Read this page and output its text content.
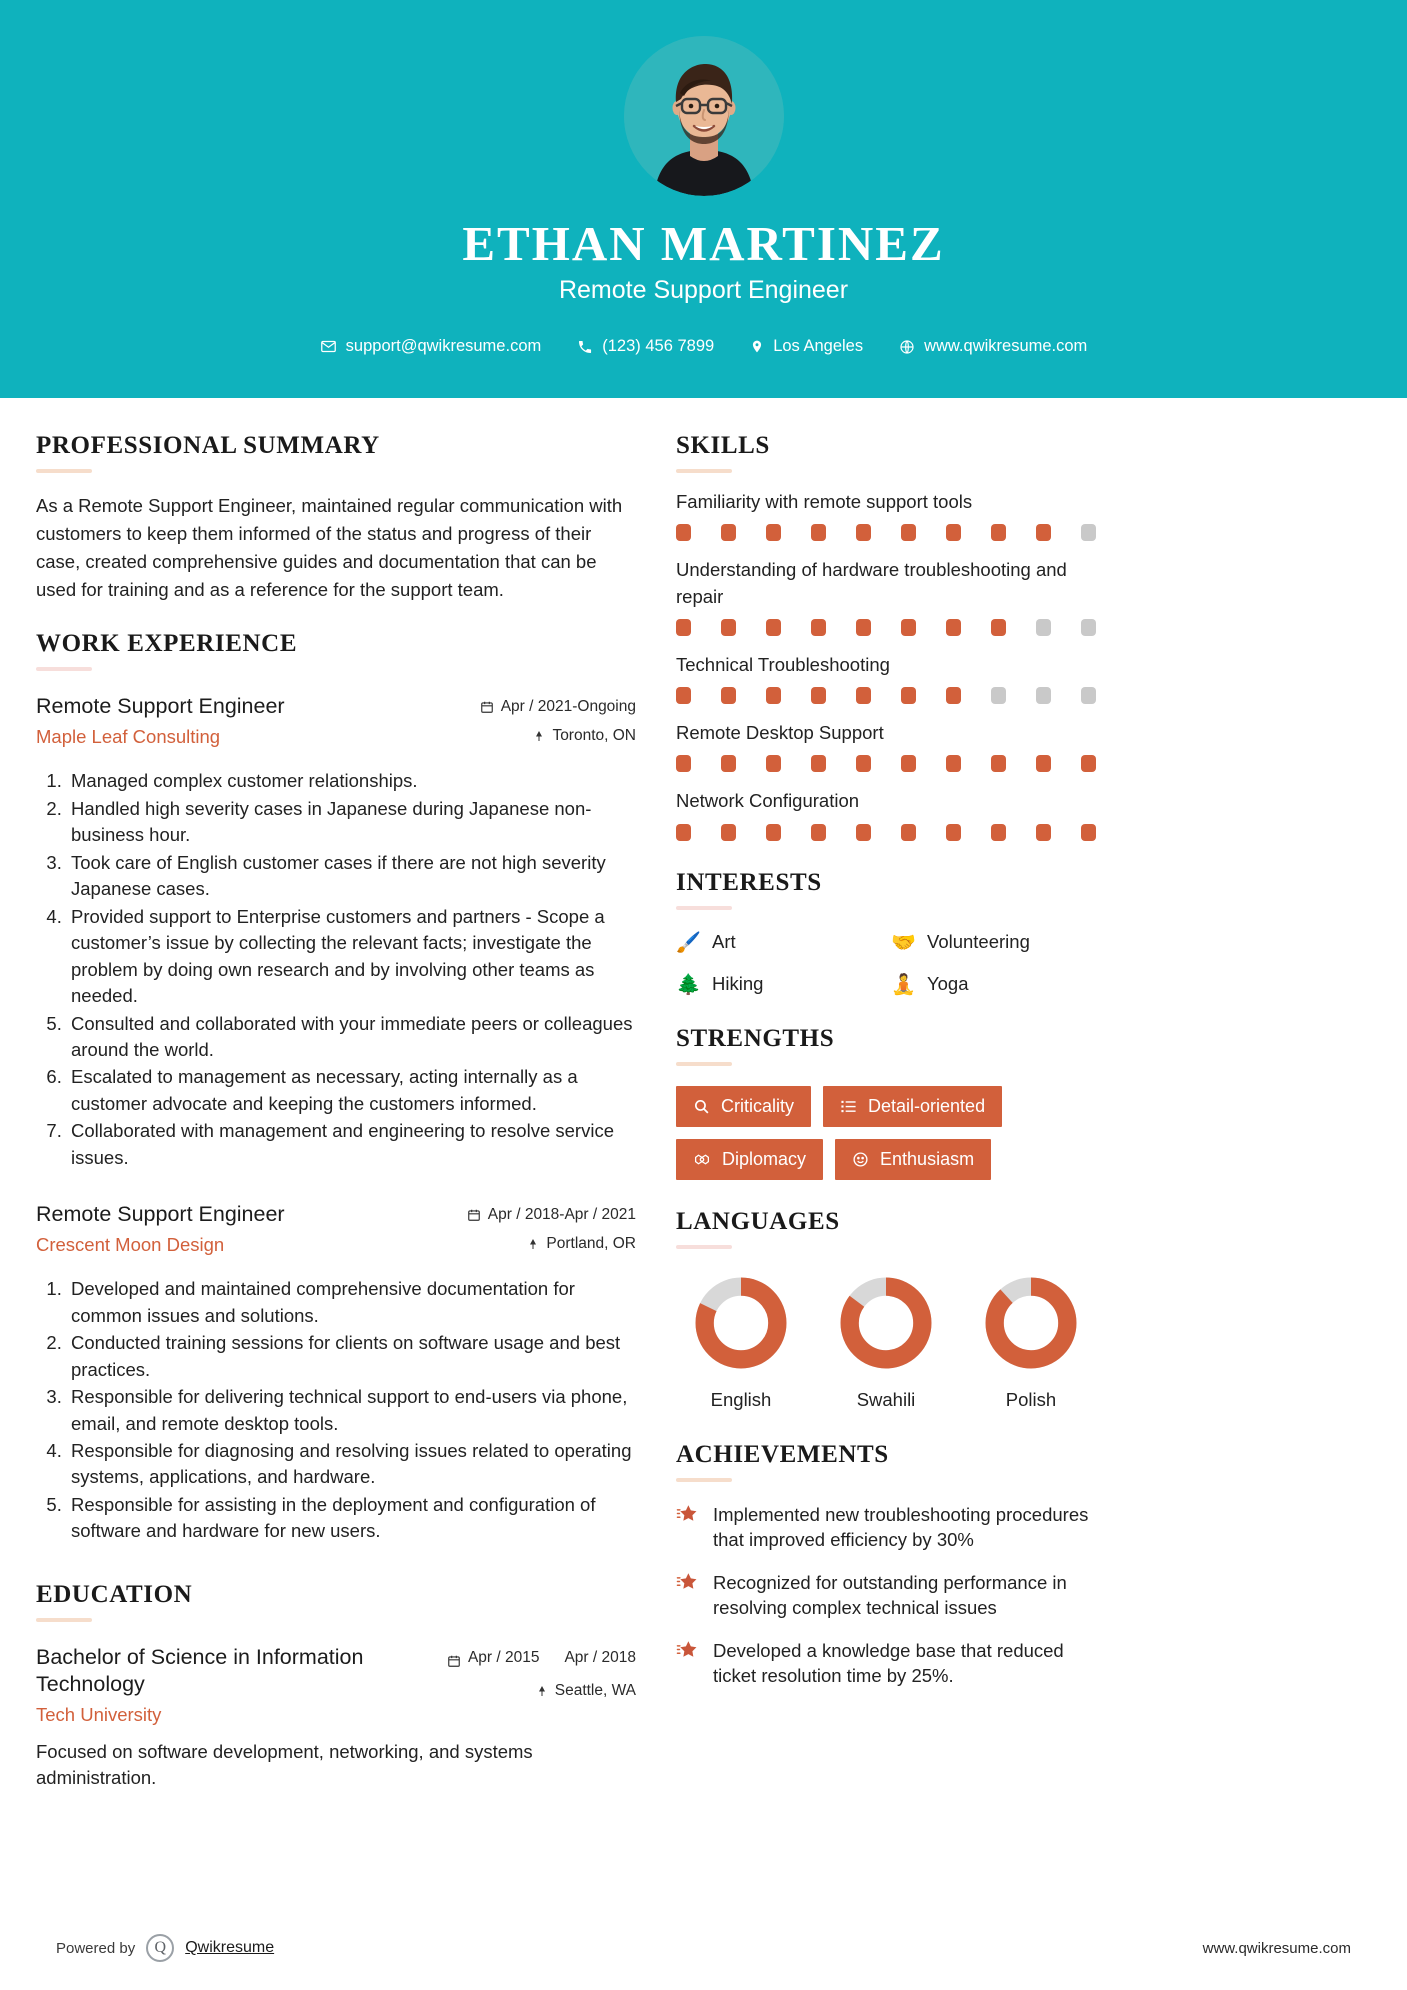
ETHAN MARTINEZ
Remote Support Engineer
support@qwikresume.com	(123) 456 7899	Los Angeles	www.qwikresume.com
PROFESSIONAL SUMMARY
As a Remote Support Engineer, maintained regular communication with customers to keep them informed of the status and progress of their case, created comprehensive guides and documentation that can be used for training and as a reference for the support team.
WORK EXPERIENCE
Remote Support Engineer
Maple Leaf Consulting
Apr / 2021-Ongoing
Toronto, ON
1. Managed complex customer relationships.
2. Handled high severity cases in Japanese during Japanese non-business hour.
3. Took care of English customer cases if there are not high severity Japanese cases.
4. Provided support to Enterprise customers and partners - Scope a customer’s issue by collecting the relevant facts; investigate the problem by doing own research and by involving other teams as needed.
5. Consulted and collaborated with your immediate peers or colleagues around the world.
6. Escalated to management as necessary, acting internally as a customer advocate and keeping the customers informed.
7. Collaborated with management and engineering to resolve service issues.
Remote Support Engineer
Crescent Moon Design
Apr / 2018-Apr / 2021
Portland, OR
1. Developed and maintained comprehensive documentation for common issues and solutions.
2. Conducted training sessions for clients on software usage and best practices.
3. Responsible for delivering technical support to end-users via phone, email, and remote desktop tools.
4. Responsible for diagnosing and resolving issues related to operating systems, applications, and hardware.
5. Responsible for assisting in the deployment and configuration of software and hardware for new users.
EDUCATION
Bachelor of Science in Information Technology
Tech University
Apr / 2015 Apr / 2018
Seattle, WA
Focused on software development, networking, and systems administration.
SKILLS
Familiarity with remote support tools
Understanding of hardware troubleshooting and repair
Technical Troubleshooting
Remote Desktop Support
Network Configuration
INTERESTS
🖌️ Art	🤝 Volunteering
🌲 Hiking	🧘 Yoga
STRENGTHS
Criticality	Detail-oriented
Diplomacy	Enthusiasm
LANGUAGES
English	Swahili	Polish
ACHIEVEMENTS
Implemented new troubleshooting procedures that improved efficiency by 30%
Recognized for outstanding performance in resolving complex technical issues
Developed a knowledge base that reduced ticket resolution time by 25%.
Powered by	Q	Qwikresume	www.qwikresume.com
